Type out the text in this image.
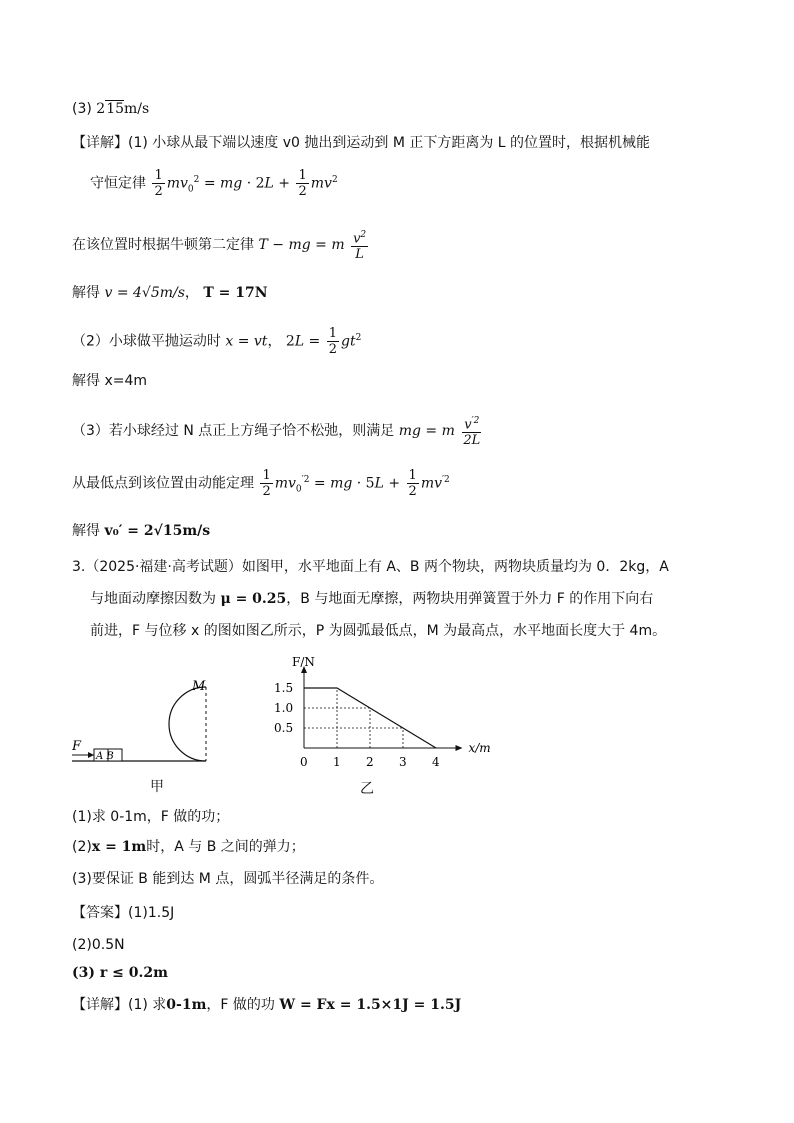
(3) 215m/s
【详解】(1) 小球从最下端以速度 v0 抛出到运动到 M 正下方距离为 L 的位置时，根据机械能
守恒定律 $\frac{1}{2} mv_0^2$ = mg · $2L + \frac{1}{2} mv^2$
在该位置时根据牛顿第二定律 T − mg = m $\frac{v^2}{L}$
解得 v = 4√5m/s， T = 17N
（2）小球做平抛运动时 x = vt， $2L = \frac{1}{2} gt^2$
解得 x=4m
（3）若小球经过 N 点正上方绳子恰不松弛，则满足 mg = m $\frac{v^{'2}}{2L}$
从最低点到该位置由动能定理 $\frac{1}{2} mv_0^{'2}$ = mg · $5L + \frac{1}{2} mv^{'2}$
解得 v₀′ = 2√15m/s
3.（2025·福建·高考试题）如图甲，水平地面上有 A、B 两个物块，两物块质量均为 0．2kg，A
与地面动摩擦因数为 μ = 0.25，B 与地面无摩擦，两物块用弹簧置于外力 F 的作用下向右
前进，F 与位移 x 的图如图乙所示，P 为圆弧最低点，M 为最高点，水平地面长度大于 4m。
M
F
A B
甲
F/N
x/m
0 1 2 3 4
0.5
1.0
1.5
乙
(1)求 0-1m，F 做的功；
(2)x = 1m时，A 与 B 之间的弹力；
(3)要保证 B 能到达 M 点，圆弧半径满足的条件。
【答案】(1)1.5J
(2)0.5N
(3) r ≤ 0.2m
【详解】(1) 求0-1m，F 做的功 W = Fx = 1.5×1J = 1.5J
